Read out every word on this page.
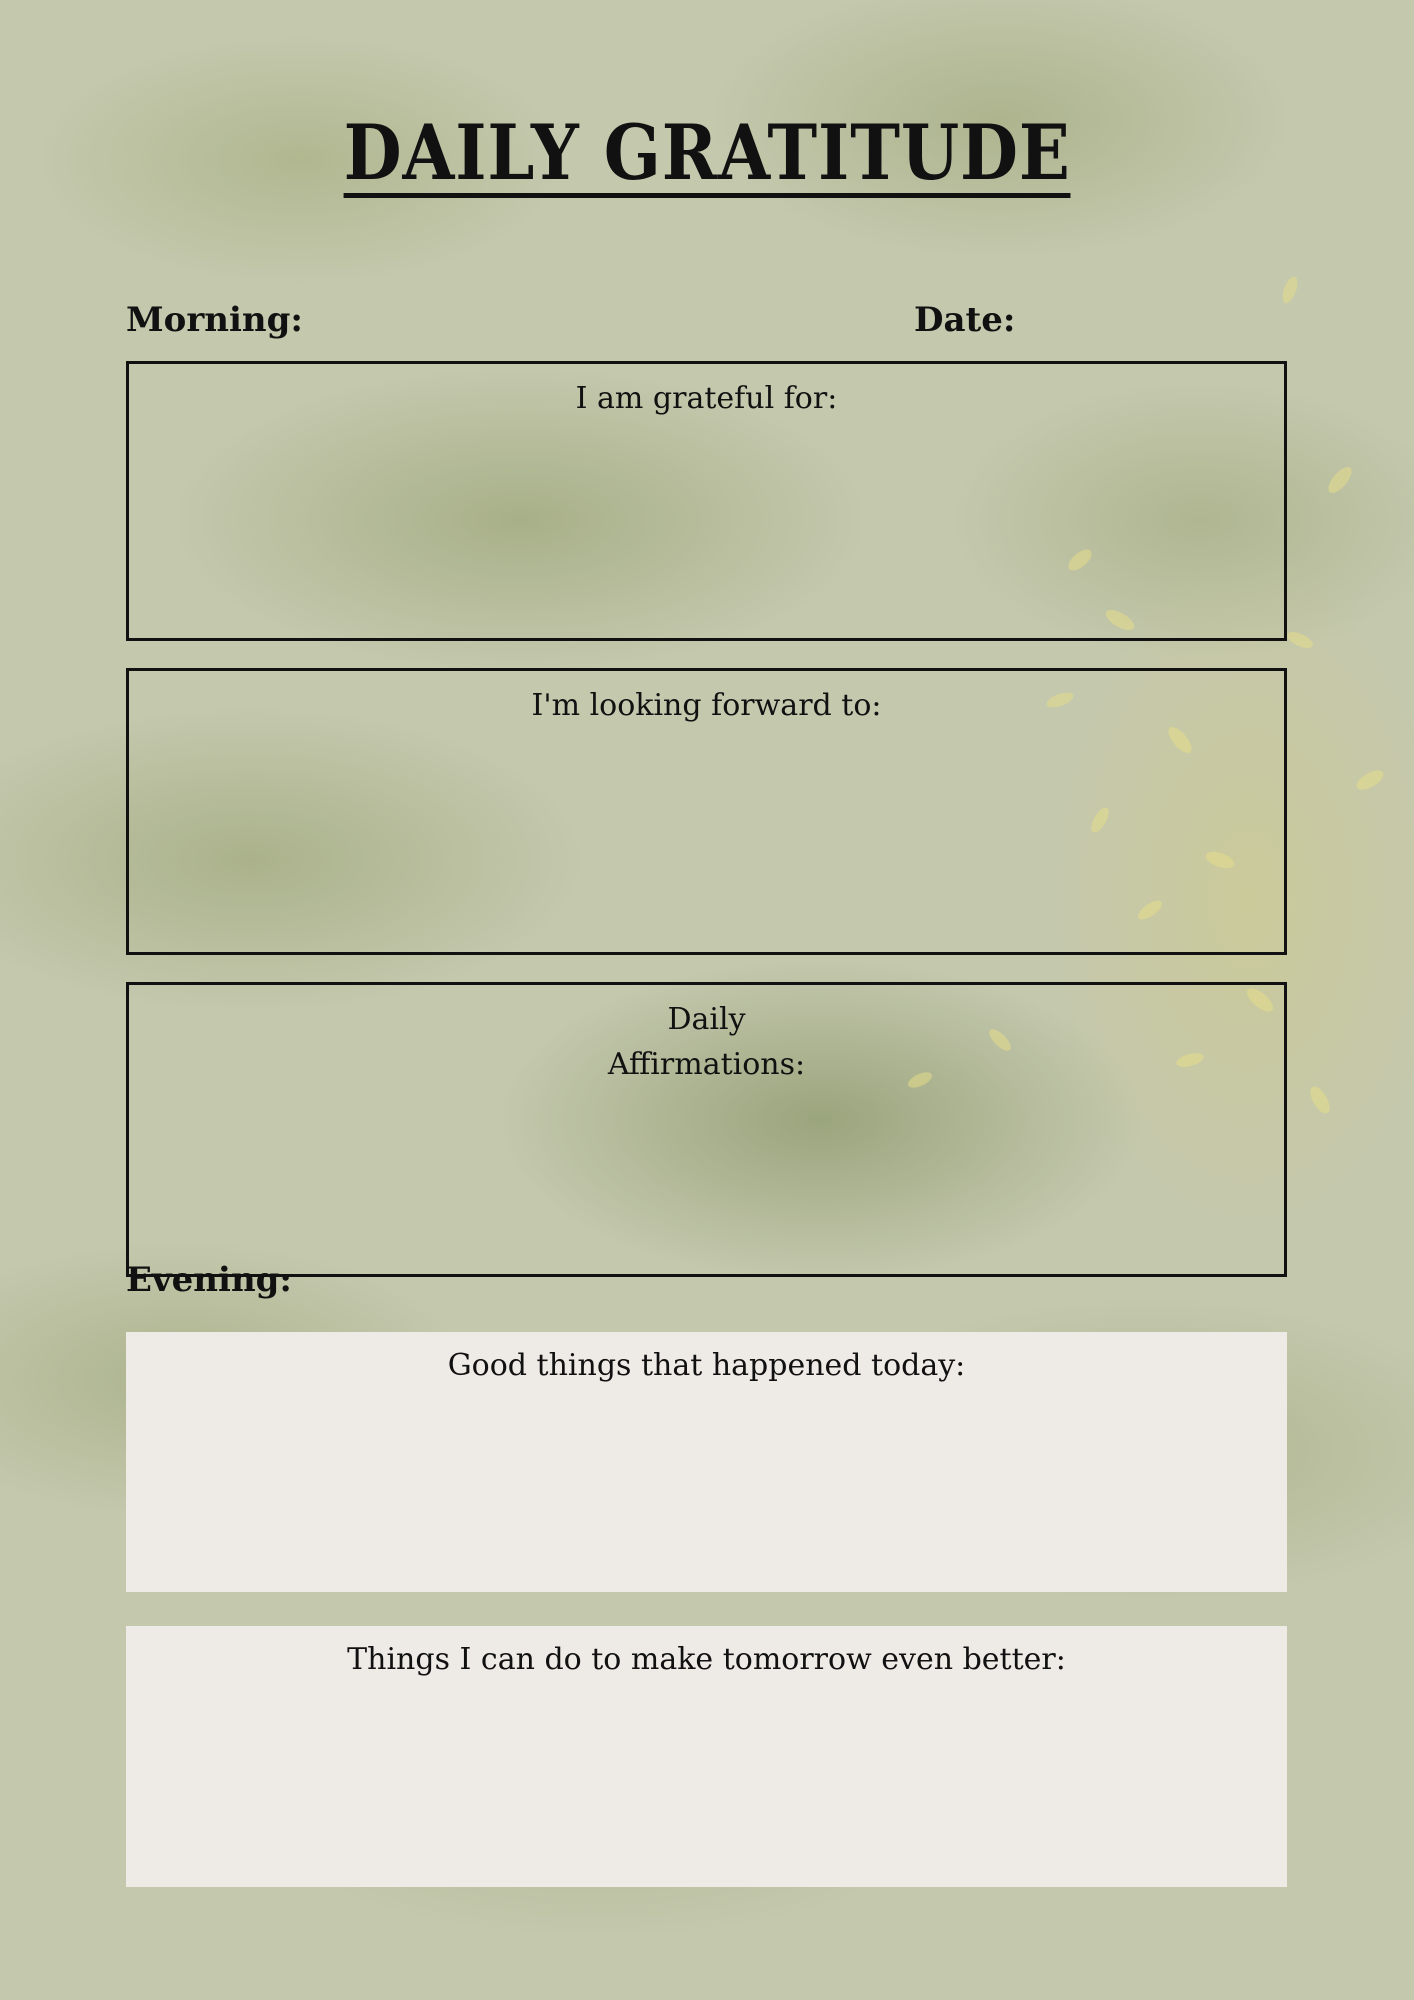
DAILY GRATITUDE
Morning:	Date:
I am grateful for:
I'm looking forward to:
Daily
Affirmations:
Evening:
Good things that happened today:
Things I can do to make tomorrow even better:
